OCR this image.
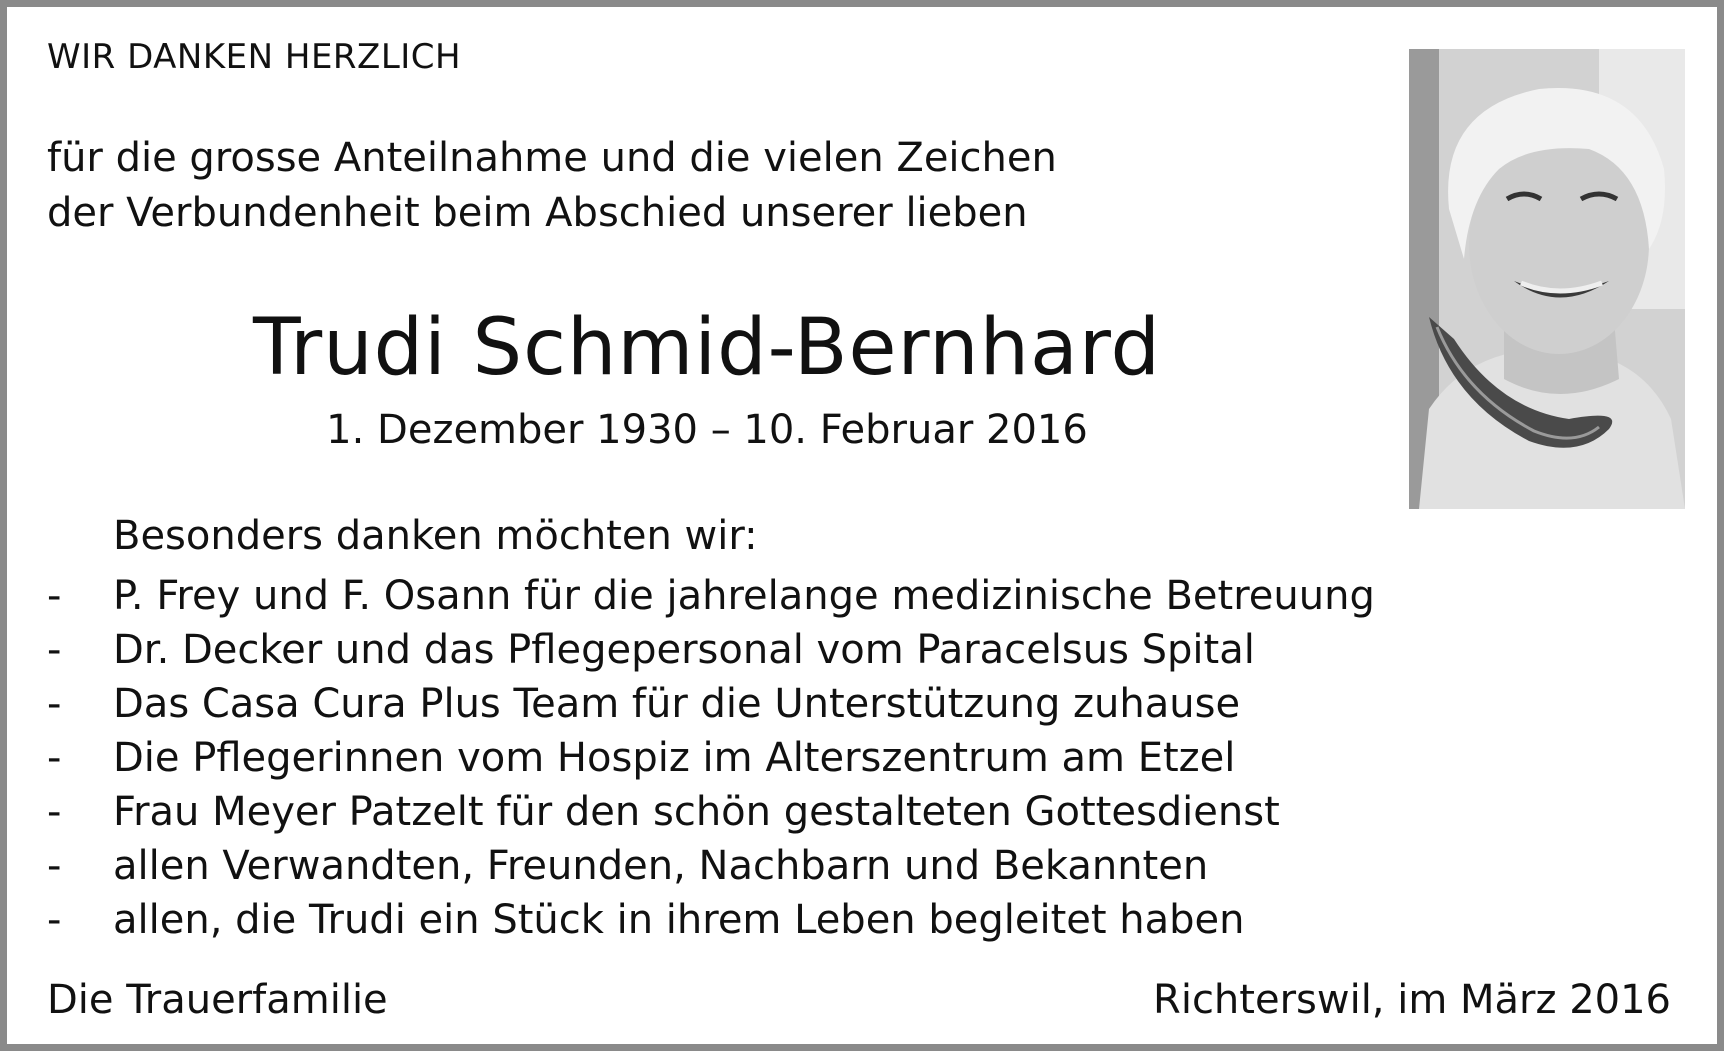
WIR DANKEN HERZLICH
für die grosse Anteilnahme und die vielen Zeichen
der Verbundenheit beim Abschied unserer lieben
Trudi Schmid-Bernhard
1. Dezember 1930 – 10. Februar 2016
Besonders danken möchten wir:
-	P. Frey und F. Osann für die jahrelange medizinische Betreuung
-	Dr. Decker und das Pflegepersonal vom Paracelsus Spital
-	Das Casa Cura Plus Team für die Unterstützung zuhause
-	Die Pflegerinnen vom Hospiz im Alterszentrum am Etzel
-	Frau Meyer Patzelt für den schön gestalteten Gottesdienst
-	allen Verwandten, Freunden, Nachbarn und Bekannten
-	allen, die Trudi ein Stück in ihrem Leben begleitet haben
Die Trauerfamilie	Richterswil, im März 2016
